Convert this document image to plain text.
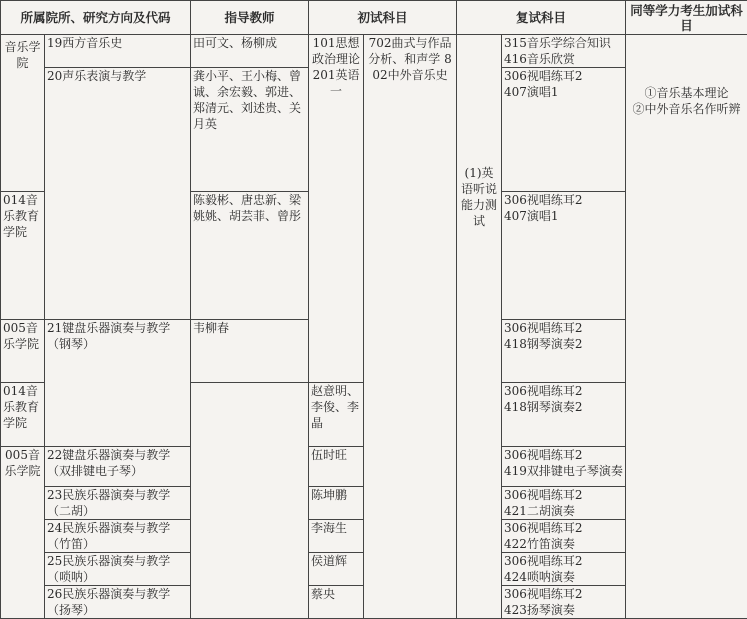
所属院所、研究方向及代码		指导教师	初试科目		复试科目		同等学力考生加试科目
音乐学院	19西方音乐史	田可文、杨柳成	101思想政治理论 201英语一	702曲式与作品分析、和声学 802中外音乐史	(1)英语听说能力测试	315音乐学综合知识
416音乐欣赏	①音乐基本理论
②中外音乐名作听辨

	20声乐表演与教学	龚小平、王小梅、曾诚、余宏毅、郭进、郑清元、刘述贵、关月英				306视唱练耳2
407演唱1	

014音乐教育学院		陈毅彬、唐忠新、梁姚姚、胡芸菲、曾彤				306视唱练耳2
407演唱1	

005音乐学院	21键盘乐器演奏与教学（钢琴）	韦柳春				306视唱练耳2
418钢琴演奏2	

014音乐教育学院			赵意明、李俊、李晶			306视唱练耳2
418钢琴演奏2	

005音乐学院	22键盘乐器演奏与教学（双排键电子琴）		伍时旺			306视唱练耳2
419双排键电子琴演奏	

	23民族乐器演奏与教学（二胡）		陈坤鹏			306视唱练耳2
421二胡演奏	

	24民族乐器演奏与教学（竹笛）		李海生			306视唱练耳2
422竹笛演奏	

	25民族乐器演奏与教学（唢呐）		侯道辉			306视唱练耳2
424唢呐演奏	

	26民族乐器演奏与教学（扬琴）		蔡央			306视唱练耳2
423扬琴演奏	
